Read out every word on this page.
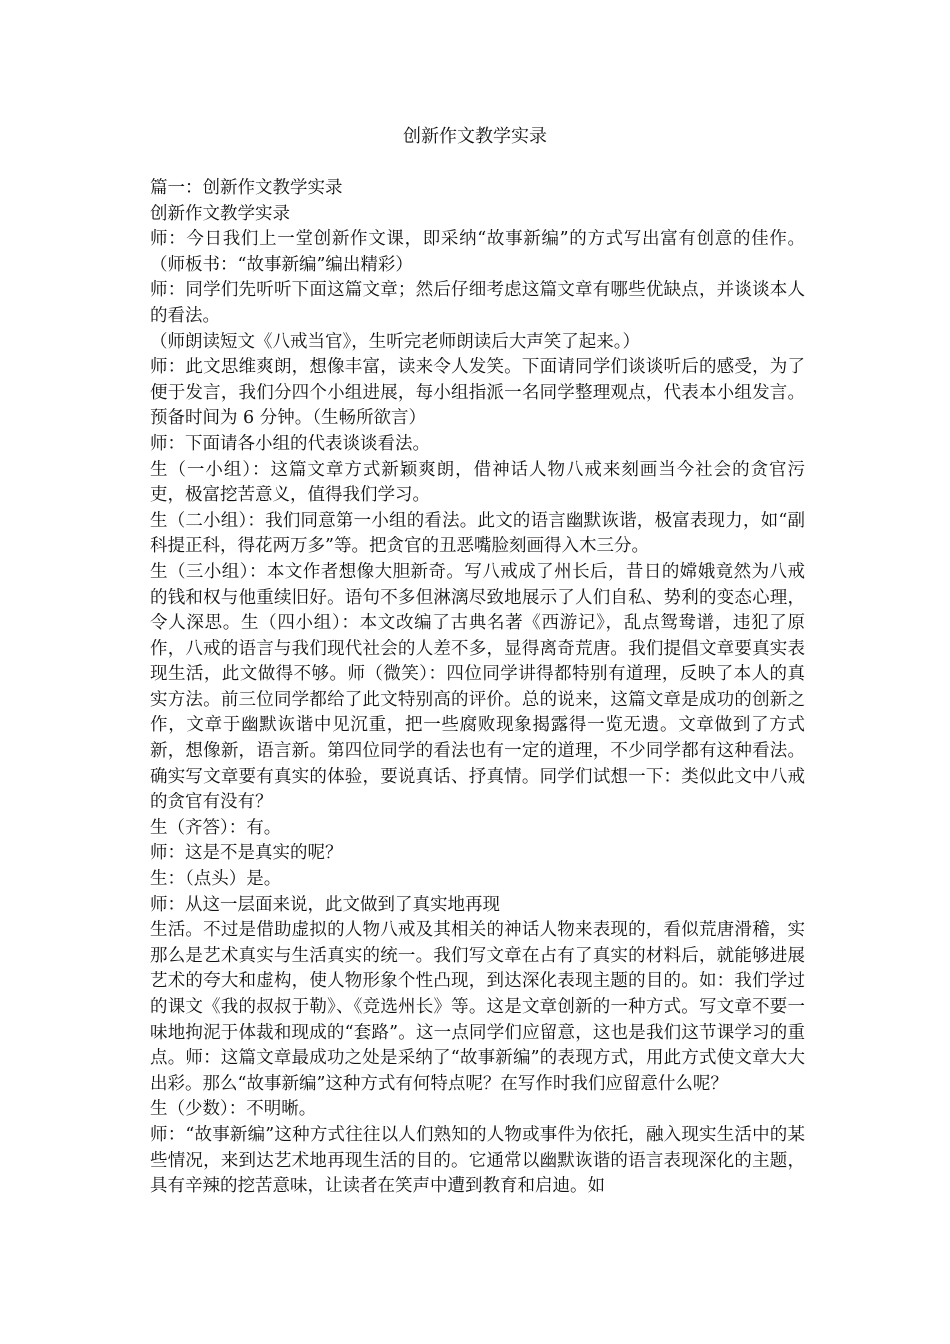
创新作文教学实录

篇一：创新作文教学实录

创新作文教学实录

师：今日我们上一堂创新作文课，即采纳“故事新编”的方式写出富有创意的佳作。（师板书：“故事新编”编出精彩）

师：同学们先听听下面这篇文章；然后仔细考虑这篇文章有哪些优缺点，并谈谈本人的看法。

（师朗读短文《八戒当官》，生听完老师朗读后大声笑了起来。）

师：此文思维爽朗，想像丰富，读来令人发笑。下面请同学们谈谈听后的感受，为了便于发言，我们分四个小组进展，每小组指派一名同学整理观点，代表本小组发言。预备时间为 6 分钟。（生畅所欲言）

师：下面请各小组的代表谈谈看法。

生（一小组）：这篇文章方式新颖爽朗，借神话人物八戒来刻画当今社会的贪官污吏，极富挖苦意义，值得我们学习。

生（二小组）：我们同意第一小组的看法。此文的语言幽默诙谐，极富表现力，如“副科提正科，得花两万多”等。把贪官的丑恶嘴脸刻画得入木三分。

生（三小组）：本文作者想像大胆新奇。写八戒成了州长后，昔日的嫦娥竟然为八戒的钱和权与他重续旧好。语句不多但淋漓尽致地展示了人们自私、势利的变态心理，令人深思。生（四小组）：本文改编了古典名著《西游记》，乱点鸳鸯谱，违犯了原作，八戒的语言与我们现代社会的人差不多，显得离奇荒唐。我们提倡文章要真实表现生活，此文做得不够。师（微笑）：四位同学讲得都特别有道理，反映了本人的真实方法。前三位同学都给了此文特别高的评价。总的说来，这篇文章是成功的创新之作，文章于幽默诙谐中见沉重，把一些腐败现象揭露得一览无遗。文章做到了方式新，想像新，语言新。第四位同学的看法也有一定的道理，不少同学都有这种看法。确实写文章要有真实的体验，要说真话、抒真情。同学们试想一下：类似此文中八戒的贪官有没有？

生（齐答）：有。

师：这是不是真实的呢？

生：（点头）是。

师：从这一层面来说，此文做到了真实地再现

生活。不过是借助虚拟的人物八戒及其相关的神话人物来表现的，看似荒唐滑稽，实那么是艺术真实与生活真实的统一。我们写文章在占有了真实的材料后，就能够进展艺术的夸大和虚构，使人物形象个性凸现，到达深化表现主题的目的。如：我们学过的课文《我的叔叔于勒》、《竞选州长》等。这是文章创新的一种方式。写文章不要一味地拘泥于体裁和现成的“套路”。这一点同学们应留意，这也是我们这节课学习的重点。师：这篇文章最成功之处是采纳了“故事新编”的表现方式，用此方式使文章大大出彩。那么“故事新编”这种方式有何特点呢？在写作时我们应留意什么呢？

生（少数）：不明晰。

师：“故事新编”这种方式往往以人们熟知的人物或事件为依托，融入现实生活中的某些情况，来到达艺术地再现生活的目的。它通常以幽默诙谐的语言表现深化的主题，具有辛辣的挖苦意味，让读者在笑声中遭到教育和启迪。如
